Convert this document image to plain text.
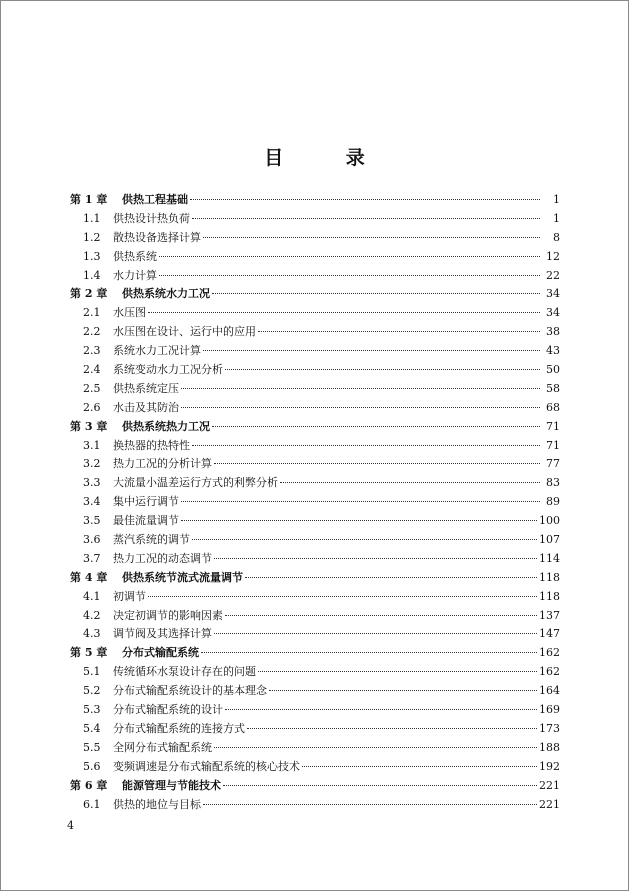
目 录
第 1 章	供热工程基础	1
1.1	供热设计热负荷	1
1.2	散热设备选择计算	8
1.3	供热系统	12
1.4	水力计算	22
第 2 章	供热系统水力工况	34
2.1	水压图	34
2.2	水压图在设计、运行中的应用	38
2.3	系统水力工况计算	43
2.4	系统变动水力工况分析	50
2.5	供热系统定压	58
2.6	水击及其防治	68
第 3 章	供热系统热力工况	71
3.1	换热器的热特性	71
3.2	热力工况的分析计算	77
3.3	大流量小温差运行方式的利弊分析	83
3.4	集中运行调节	89
3.5	最佳流量调节	100
3.6	蒸汽系统的调节	107
3.7	热力工况的动态调节	114
第 4 章	供热系统节流式流量调节	118
4.1	初调节	118
4.2	决定初调节的影响因素	137
4.3	调节阀及其选择计算	147
第 5 章	分布式输配系统	162
5.1	传统循环水泵设计存在的问题	162
5.2	分布式输配系统设计的基本理念	164
5.3	分布式输配系统的设计	169
5.4	分布式输配系统的连接方式	173
5.5	全网分布式输配系统	188
5.6	变频调速是分布式输配系统的核心技术	192
第 6 章	能源管理与节能技术	221
6.1	供热的地位与目标	221
4
